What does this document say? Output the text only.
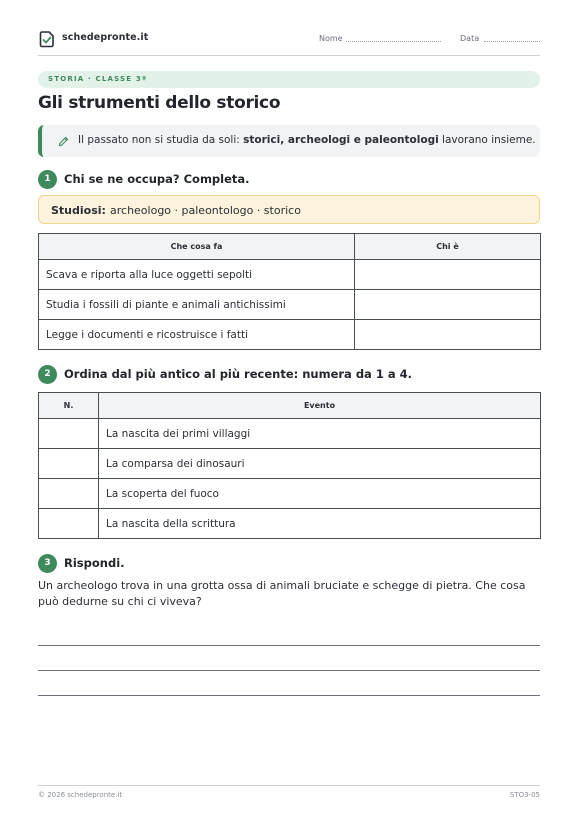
schedepronte.it	Nome	Data
STORIA · CLASSE 3ª
Gli strumenti dello storico
Il passato non si studia da soli: storici, archeologi e paleontologi lavorano insieme.
1	Chi se ne occupa? Completa.
Studiosi: archeologo · paleontologo · storico
Che cosa fa	Chi è
Scava e riporta alla luce oggetti sepolti	
Studia i fossili di piante e animali antichissimi	
Legge i documenti e ricostruisce i fatti	
2	Ordina dal più antico al più recente: numera da 1 a 4.
N.	Evento
	La nascita dei primi villaggi
	La comparsa dei dinosauri
	La scoperta del fuoco
	La nascita della scrittura
3	Rispondi.
Un archeologo trova in una grotta ossa di animali bruciate e schegge di pietra. Che cosa può dedurne su chi ci viveva?
© 2026 schedepronte.it	STO3-05
